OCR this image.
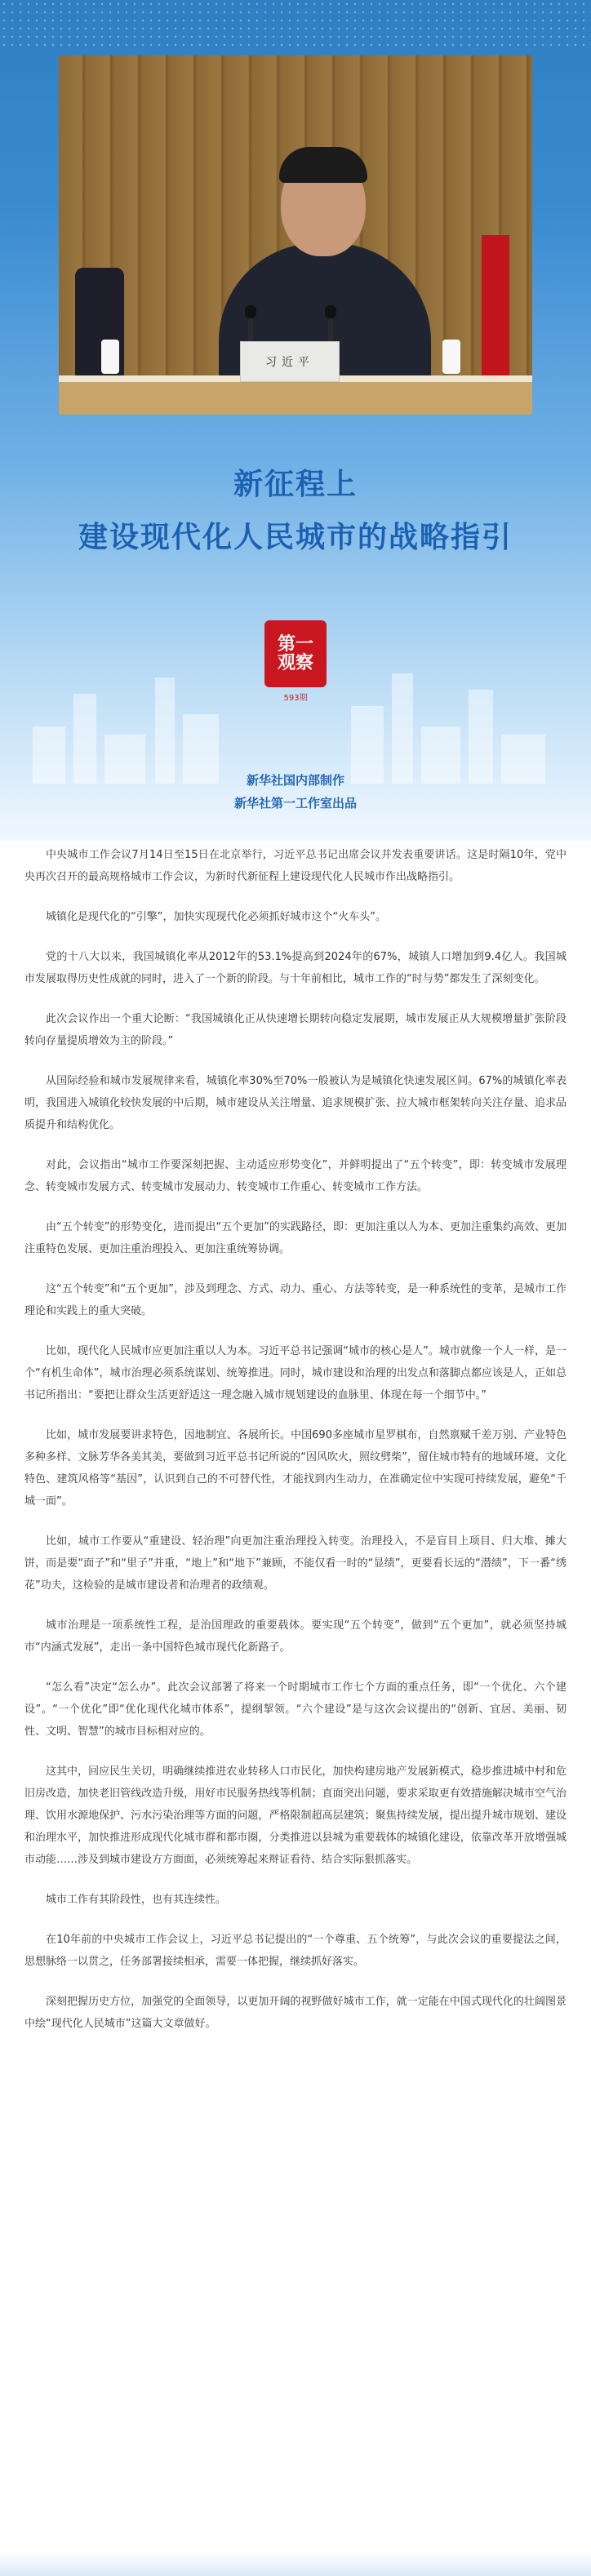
习近平
新征程上
建设现代化人民城市的战略指引
第一
观察
593期
新华社国内部制作
新华社第一工作室出品

中央城市工作会议7月14日至15日在北京举行，习近平总书记出席会议并发表重要讲话。这是时隔10年，党中央再次召开的最高规格城市工作会议，为新时代新征程上建设现代化人民城市作出战略指引。

城镇化是现代化的“引擎”，加快实现现代化必须抓好城市这个“火车头”。

党的十八大以来，我国城镇化率从2012年的53.1%提高到2024年的67%，城镇人口增加到9.4亿人。我国城市发展取得历史性成就的同时，进入了一个新的阶段。与十年前相比，城市工作的“时与势”都发生了深刻变化。

此次会议作出一个重大论断：“我国城镇化正从快速增长期转向稳定发展期，城市发展正从大规模增量扩张阶段转向存量提质增效为主的阶段。”

从国际经验和城市发展规律来看，城镇化率30%至70%一般被认为是城镇化快速发展区间。67%的城镇化率表明，我国进入城镇化较快发展的中后期，城市建设从关注增量、追求规模扩张、拉大城市框架转向关注存量、追求品质提升和结构优化。

对此，会议指出“城市工作要深刻把握、主动适应形势变化”，并鲜明提出了“五个转变”，即：转变城市发展理念、转变城市发展方式、转变城市发展动力、转变城市工作重心、转变城市工作方法。

由“五个转变”的形势变化，进而提出“五个更加”的实践路径，即：更加注重以人为本、更加注重集约高效、更加注重特色发展、更加注重治理投入、更加注重统筹协调。

这“五个转变”和“五个更加”，涉及到理念、方式、动力、重心、方法等转变，是一种系统性的变革，是城市工作理论和实践上的重大突破。

比如，现代化人民城市应更加注重以人为本。习近平总书记强调“城市的核心是人”。城市就像一个人一样，是一个“有机生命体”，城市治理必须系统谋划、统筹推进。同时，城市建设和治理的出发点和落脚点都应该是人，正如总书记所指出：“要把让群众生活更舒适这一理念融入城市规划建设的血脉里、体现在每一个细节中。”

比如，城市发展要讲求特色，因地制宜、各展所长。中国690多座城市星罗棋布，自然禀赋千差万别、产业特色多种多样、文脉芳华各美其美，要做到习近平总书记所说的“因风吹火，照纹劈柴”，留住城市特有的地域环境、文化特色、建筑风格等“基因”，认识到自己的不可替代性，才能找到内生动力，在准确定位中实现可持续发展，避免“千城一面”。

比如，城市工作要从“重建设、轻治理”向更加注重治理投入转变。治理投入，不是盲目上项目、归大堆、摊大饼，而是要“面子”和“里子”并重，“地上”和“地下”兼顾，不能仅看一时的“显绩”，更要看长远的“潜绩”，下一番“绣花”功夫，这检验的是城市建设者和治理者的政绩观。

城市治理是一项系统性工程，是治国理政的重要载体。要实现“五个转变”，做到“五个更加”，就必须坚持城市“内涵式发展”，走出一条中国特色城市现代化新路子。

“怎么看”决定“怎么办”。此次会议部署了将来一个时期城市工作七个方面的重点任务，即“一个优化、六个建设”。“一个优化”即“优化现代化城市体系”，提纲挈领。“六个建设”是与这次会议提出的“创新、宜居、美丽、韧性、文明、智慧”的城市目标相对应的。

这其中，回应民生关切，明确继续推进农业转移人口市民化，加快构建房地产发展新模式，稳步推进城中村和危旧房改造，加快老旧管线改造升级，用好市民服务热线等机制；直面突出问题，要求采取更有效措施解决城市空气治理、饮用水源地保护、污水污染治理等方面的问题，严格限制超高层建筑；聚焦持续发展，提出提升城市规划、建设和治理水平，加快推进形成现代化城市群和都市圈，分类推进以县城为重要载体的城镇化建设，依靠改革开放增强城市动能……涉及到城市建设方方面面，必须统筹起来辩证看待、结合实际狠抓落实。

城市工作有其阶段性，也有其连续性。

在10年前的中央城市工作会议上，习近平总书记提出的“一个尊重、五个统筹”，与此次会议的重要提法之间，思想脉络一以贯之，任务部署接续相承，需要一体把握，继续抓好落实。

深刻把握历史方位，加强党的全面领导，以更加开阔的视野做好城市工作，就一定能在中国式现代化的壮阔图景中绘“现代化人民城市”这篇大文章做好。
